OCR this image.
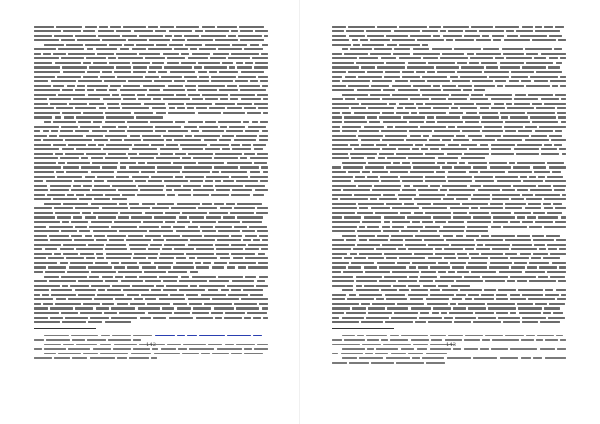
142	143
